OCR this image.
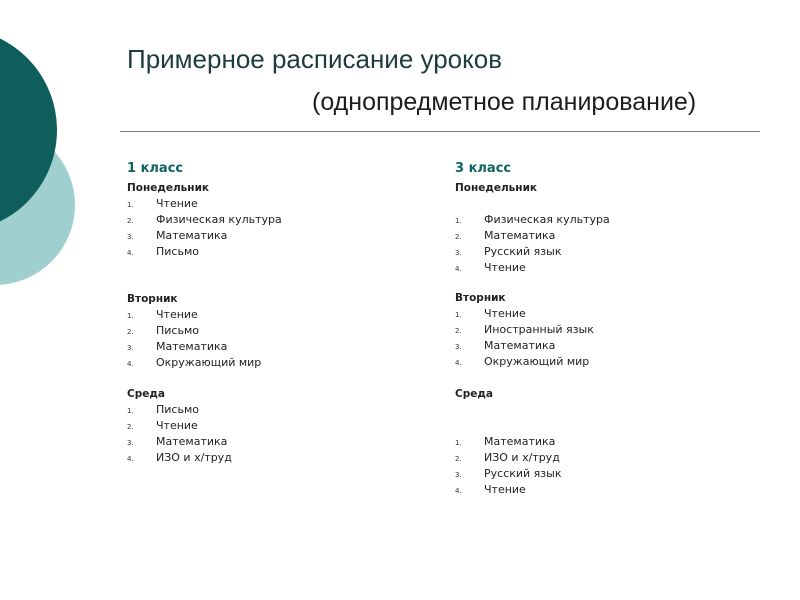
Примерное расписание уроков
(однопредметное планирование)
1 класс
Понедельник
1. Чтение
2. Физическая культура
3. Математика
4. Письмо
Вторник
1. Чтение
2. Письмо
3. Математика
4. Окружающий мир
Среда
1. Письмо
2. Чтение
3. Математика
4. ИЗО и х/труд
3 класс
Понедельник
1. Физическая культура
2. Математика
3. Русский язык
4. Чтение
Вторник
1. Чтение
2. Иностранный язык
3. Математика
4. Окружающий мир
Среда
1. Математика
2. ИЗО и х/труд
3. Русский язык
4. Чтение
